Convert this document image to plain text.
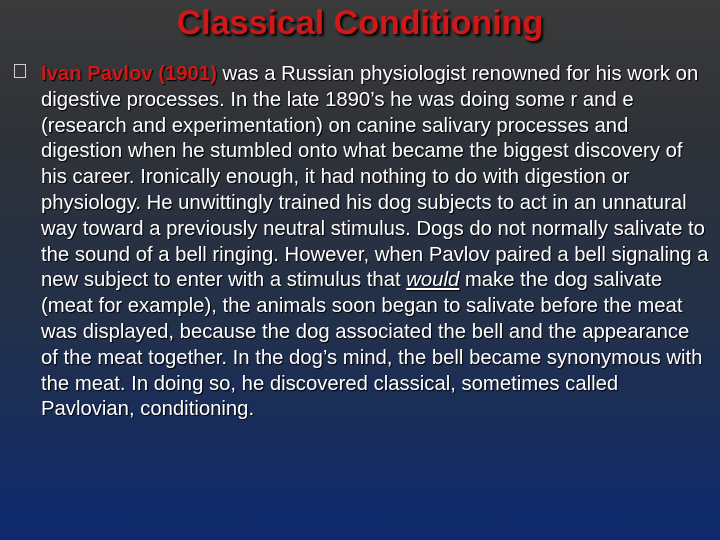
Classical Conditioning

Ivan Pavlov (1901) was a Russian physiologist renowned for his work on digestive processes. In the late 1890’s he was doing some r and e (research and experimentation) on canine salivary processes and digestion when he stumbled onto what became the biggest discovery of his career. Ironically enough, it had nothing to do with digestion or physiology. He unwittingly trained his dog subjects to act in an unnatural way toward a previously neutral stimulus. Dogs do not normally salivate to the sound of a bell ringing. However, when Pavlov paired a bell signaling a new subject to enter with a stimulus that would make the dog salivate (meat for example), the animals soon began to salivate before the meat was displayed, because the dog associated the bell and the appearance of the meat together. In the dog’s mind, the bell became synonymous with the meat. In doing so, he discovered classical, sometimes called Pavlovian, conditioning.
